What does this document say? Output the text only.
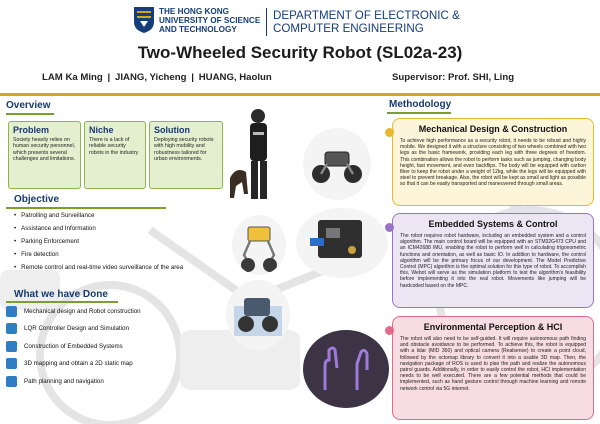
THE HONG KONG
UNIVERSITY OF SCIENCE
AND TECHNOLOGY
DEPARTMENT OF ELECTRONIC &
COMPUTER ENGINEERING
Two-Wheeled Security Robot (SL02a-23)
LAM Ka Ming | JIANG, Yicheng | HUANG, Haolun	Supervisor: Prof. SHI, Ling
Overview
Problem
Society heavily relies on human security personnel, which presents several challenges and limitations.
Niche
There is a lack of reliable security robots in the industry
Solution
Deploying security robots with high mobility and robustness tailored for urban environments.
Objective
• Patrolling and Surveillance
• Assistance and Information
• Parking Enforcement
• Fire detection
• Remote control and real-time video surveillance of the area
What we have Done
Mechanical design and Robot construction
LQR Controller Design and Simulation
Construction of Embedded Systems
3D mapping and obtain a 2D static map
Path planning and navigation
Methodology
Mechanical Design & Construction
To achieve high performance as a security robot, it needs to be robust and highly mobile. We designed it with a structure consisting of two wheels combined with two legs as the basic framework, providing each leg with three degrees of freedom. This combination allows the robot to perform tasks such as jumping, changing body height, fast movement, and even backflips. The body will be equipped with carbon fiber to keep the robot under a weight of 12kg, while the legs will be equipped with steel to prevent breakage. Also, the robot will be kept as small and light as possible so that it can be easily transported and maneuvered through small areas.
Embedded Systems & Control
The robot requires robot hardware, including an embedded system and a control algorithm. The main control board will be equipped with an STM32G473 CPU and an ICM42688 IMU, enabling the robot to perform well in calculating trigonometric functions and orientation, as well as basic IO. In addition to hardware, the control algorithm will be the primary focus of our development. The Model Predictive Control (MPC) algorithm is the optimal solution for this type of robot. To accomplish this, Webot will serve as the simulation platform to test the algorithm's feasibility before implementing it into the real robot. Movements like jumping will be hardcoded based on the MPC.
Environmental Perception & HCI
The robot will also need to be self-guided. It will require autonomous path finding and obstacle avoidance to be performed. To achieve this, the robot is equipped with a lidar (MID 360) and optical camera (Realsense) to create a point cloud, followed by the octomap library to convert it into a usable 3D map. Then, the navigation package of ROS is used to plan the path and realize the autonomous patrol guards. Additionally, in order to easily control the robot, HCI implementation needs to be well executed. There are a few potential methods that could be implemented, such as hand gesture control through machine learning and remote network control via 5G internet.
